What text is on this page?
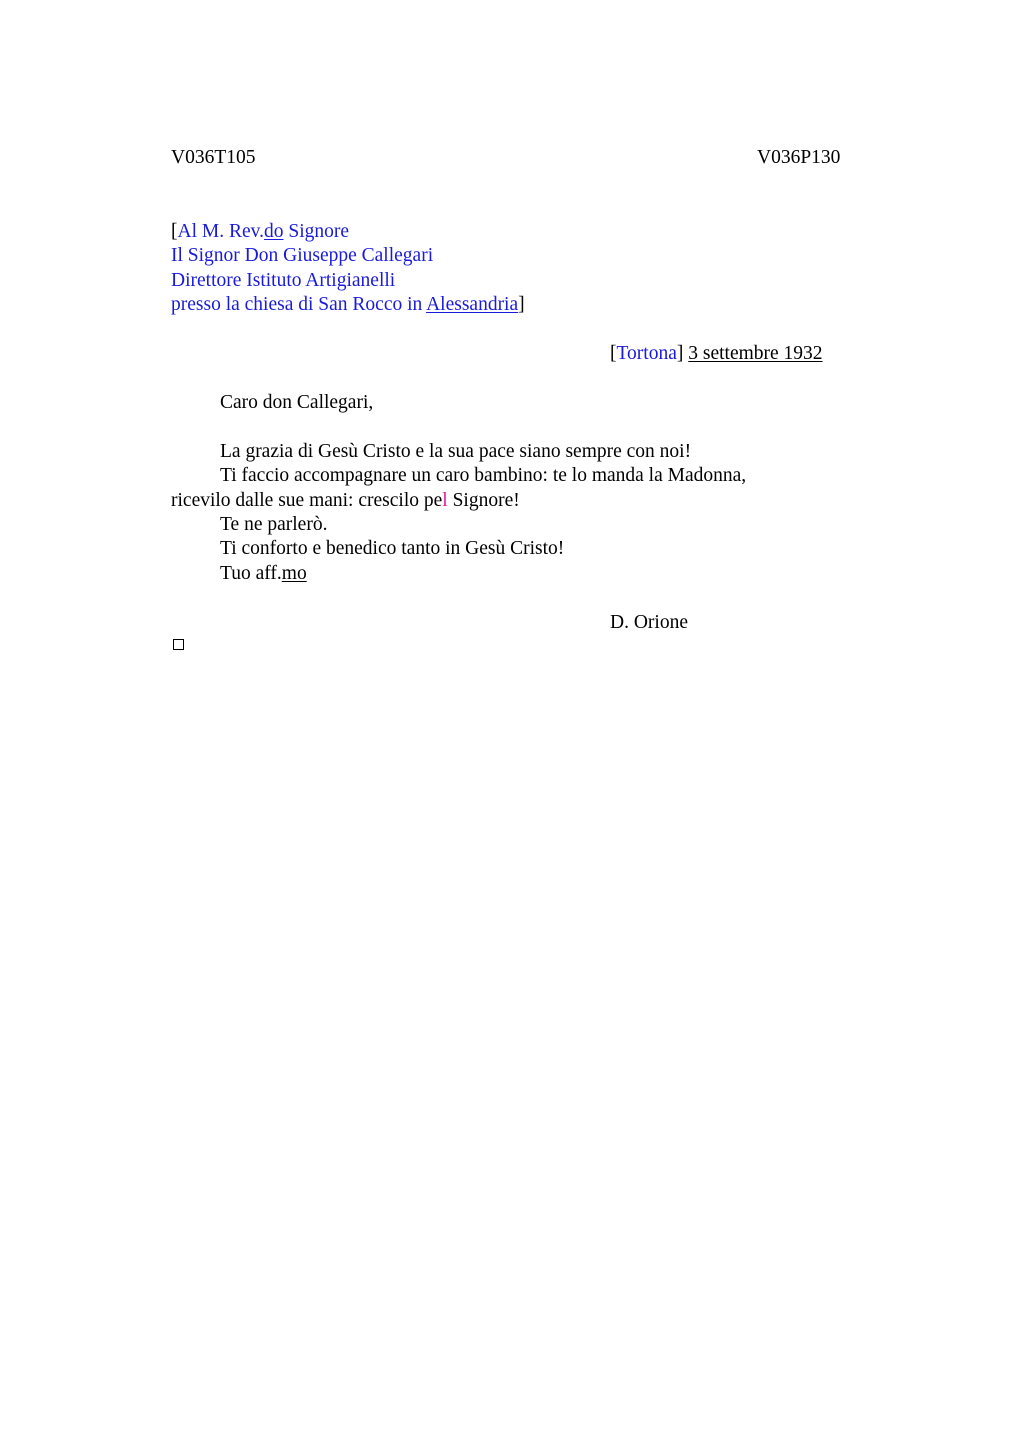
V036T105	V036P130
[Al M. Rev.do Signore
Il Signor Don Giuseppe Callegari
Direttore Istituto Artigianelli
presso la chiesa di San Rocco in Alessandria]
[Tortona] 3 settembre 1932
Caro don Callegari,
La grazia di Gesù Cristo e la sua pace siano sempre con noi!
Ti faccio accompagnare un caro bambino: te lo manda la Madonna,
ricevilo dalle sue mani: crescilo pel Signore!
Te ne parlerò.
Ti conforto e benedico tanto in Gesù Cristo!
Tuo aff.mo
D. Orione
